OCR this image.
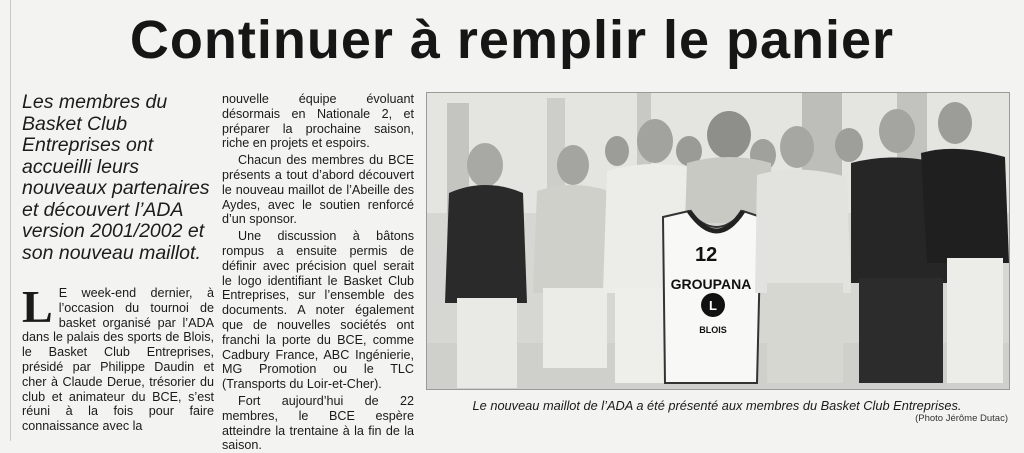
Continuer à remplir le panier
Les membres du Basket Club Entreprises ont accueilli leurs nouveaux partenaires et découvert l’ADA version 2001/2002 et son nouveau maillot.
L E week-end dernier, à l’occasion du tournoi de basket organisé par l’ADA dans le palais des sports de Blois, le Basket Club Entreprises, présidé par Philippe Daudin et cher à Claude Derue, trésorier du club et animateur du BCE, s’est réuni à la fois pour faire connaissance avec la

nouvelle équipe évoluant désormais en Nationale 2, et préparer la prochaine saison, riche en projets et espoirs.

Chacun des membres du BCE présents a tout d’abord découvert le nouveau maillot de l’Abeille des Aydes, avec le soutien renforcé d’un sponsor.

Une discussion à bâtons rompus a ensuite permis de définir avec précision quel serait le logo identifiant le Basket Club Entreprises, sur l’ensemble des documents. A noter également que de nouvelles sociétés ont franchi la porte du BCE, comme Cadbury France, ABC Ingénierie, MG Promotion ou le TLC (Transports du Loir-et-Cher).

Fort aujourd’hui de 22 membres, le BCE espère atteindre la trentaine à la fin de la saison.

12
GROUPANA
L
BLOIS
Le nouveau maillot de l’ADA a été présenté aux membres du Basket Club Entreprises.
(Photo Jérôme Dutac)
